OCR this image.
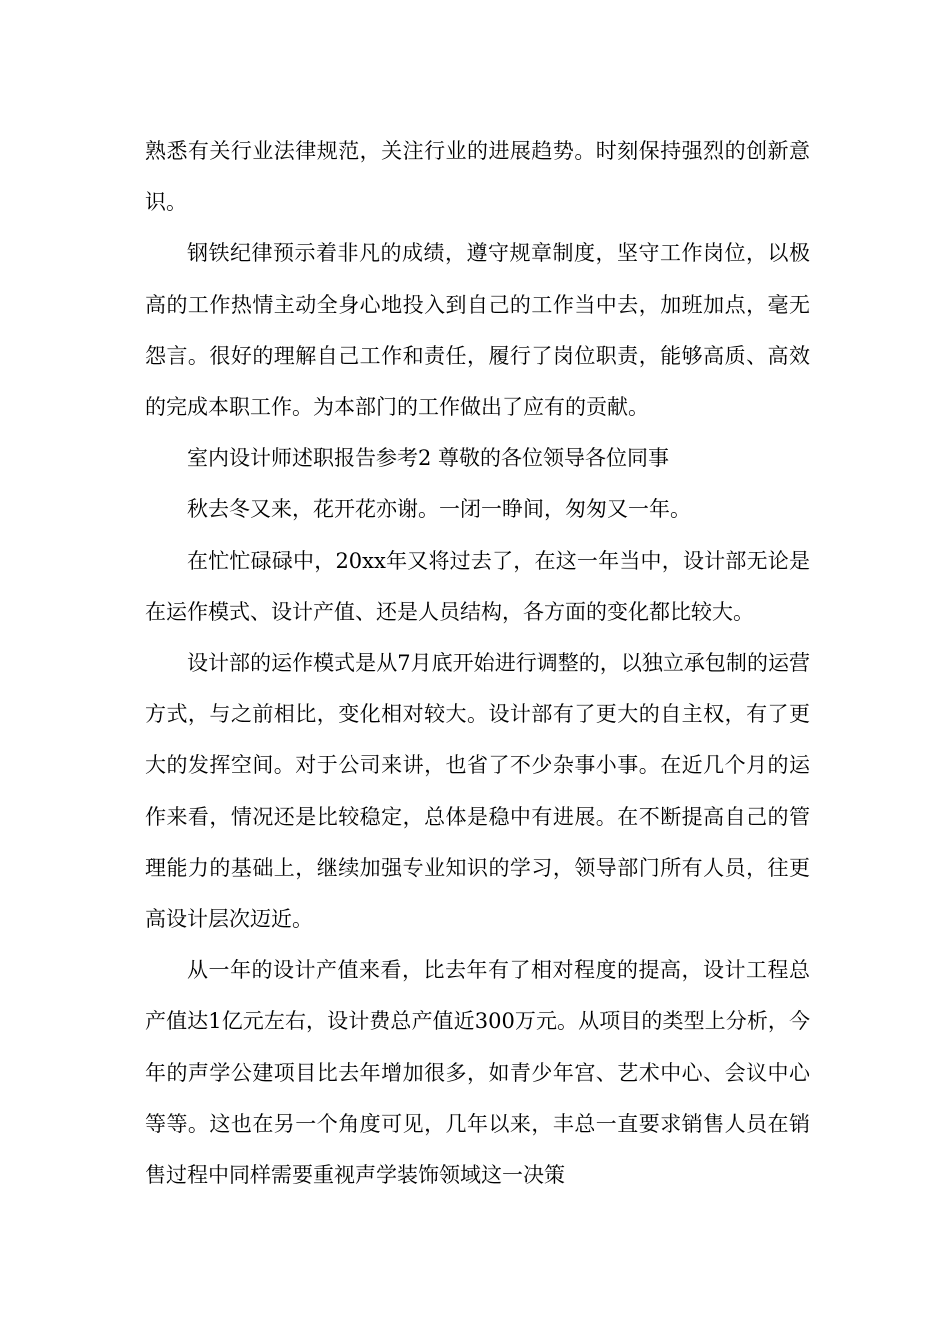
熟悉有关行业法律规范，关注行业的进展趋势。时刻保持强烈的创新意识。

钢铁纪律预示着非凡的成绩，遵守规章制度，坚守工作岗位，以极高的工作热情主动全身心地投入到自己的工作当中去，加班加点，毫无怨言。很好的理解自己工作和责任，履行了岗位职责，能够高质、高效的完成本职工作。为本部门的工作做出了应有的贡献。

室内设计师述职报告参考2 尊敬的各位领导各位同事

秋去冬又来，花开花亦谢。一闭一睁间，匆匆又一年。

在忙忙碌碌中，20xx年又将过去了，在这一年当中，设计部无论是在运作模式、设计产值、还是人员结构，各方面的变化都比较大。

设计部的运作模式是从7月底开始进行调整的，以独立承包制的运营方式，与之前相比，变化相对较大。设计部有了更大的自主权，有了更大的发挥空间。对于公司来讲，也省了不少杂事小事。在近几个月的运作来看，情况还是比较稳定，总体是稳中有进展。在不断提高自己的管理能力的基础上，继续加强专业知识的学习，领导部门所有人员，往更高设计层次迈近。

从一年的设计产值来看，比去年有了相对程度的提高，设计工程总产值达1亿元左右，设计费总产值近300万元。从项目的类型上分析，今年的声学公建项目比去年增加很多，如青少年宫、艺术中心、会议中心等等。这也在另一个角度可见，几年以来，丰总一直要求销售人员在销售过程中同样需要重视声学装饰领域这一决策
